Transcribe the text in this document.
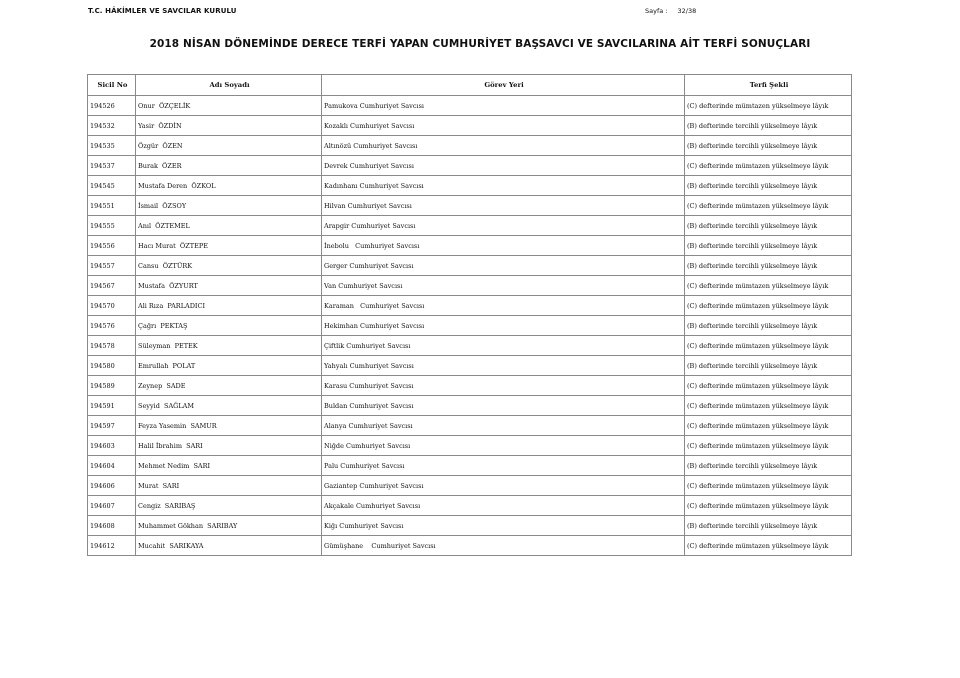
T.C. HÂKİMLER VE SAVCILAR KURULU	Sayfa : 32/38
2018 NİSAN DÖNEMİNDE DERECE TERFİ YAPAN CUMHURİYET BAŞSAVCI VE SAVCILARINA AİT TERFİ SONUÇLARI
Sicil No	Adı Soyadı	Görev Yeri	Terfi Şekli
194526	Onur  ÖZÇELİK	Pamukova Cumhuriyet Savcısı	(C) defterinde mümtazen yükselmeye lâyık
194532	Yasir  ÖZDİN	Kozaklı Cumhuriyet Savcısı	(B) defterinde tercihli yükselmeye lâyık
194535	Özgür  ÖZEN	Altınözü Cumhuriyet Savcısı	(B) defterinde tercihli yükselmeye lâyık
194537	Burak  ÖZER	Devrek Cumhuriyet Savcısı	(C) defterinde mümtazen yükselmeye lâyık
194545	Mustafa Deren  ÖZKOL	Kadınhanı Cumhuriyet Savcısı	(B) defterinde tercihli yükselmeye lâyık
194551	İsmail  ÖZSOY	Hilvan Cumhuriyet Savcısı	(C) defterinde mümtazen yükselmeye lâyık
194555	Anıl  ÖZTEMEL	Arapgir Cumhuriyet Savcısı	(B) defterinde tercihli yükselmeye lâyık
194556	Hacı Murat  ÖZTEPE	İnebolu   Cumhuriyet Savcısı	(B) defterinde tercihli yükselmeye lâyık
194557	Cansu  ÖZTÜRK	Gerger Cumhuriyet Savcısı	(B) defterinde tercihli yükselmeye lâyık
194567	Mustafa  ÖZYURT	Van Cumhuriyet Savcısı	(C) defterinde mümtazen yükselmeye lâyık
194570	Ali Rıza  PARLADICI	Karaman   Cumhuriyet Savcısı	(C) defterinde mümtazen yükselmeye lâyık
194576	Çağrı  PEKTAŞ	Hekimhan Cumhuriyet Savcısı	(B) defterinde tercihli yükselmeye lâyık
194578	Süleyman  PETEK	Çiftlik Cumhuriyet Savcısı	(C) defterinde mümtazen yükselmeye lâyık
194580	Emrullah  POLAT	Yahyalı Cumhuriyet Savcısı	(B) defterinde tercihli yükselmeye lâyık
194589	Zeynep  SADE	Karasu Cumhuriyet Savcısı	(C) defterinde mümtazen yükselmeye lâyık
194591	Seyyid  SAĞLAM	Buldan Cumhuriyet Savcısı	(C) defterinde mümtazen yükselmeye lâyık
194597	Feyza Yasemin  SAMUR	Alanya Cumhuriyet Savcısı	(C) defterinde mümtazen yükselmeye lâyık
194603	Halil İbrahim  SARI	Niğde Cumhuriyet Savcısı	(C) defterinde mümtazen yükselmeye lâyık
194604	Mehmet Nedim  SARI	Palu Cumhuriyet Savcısı	(B) defterinde tercihli yükselmeye lâyık
194606	Murat  SARI	Gaziantep Cumhuriyet Savcısı	(C) defterinde mümtazen yükselmeye lâyık
194607	Cengiz  SARIBAŞ	Akçakale Cumhuriyet Savcısı	(C) defterinde mümtazen yükselmeye lâyık
194608	Muhammet Gökhan  SARIBAY	Kiğı Cumhuriyet Savcısı	(B) defterinde tercihli yükselmeye lâyık
194612	Mucahit  SARIKAYA	Gümüşhane    Cumhuriyet Savcısı	(C) defterinde mümtazen yükselmeye lâyık
